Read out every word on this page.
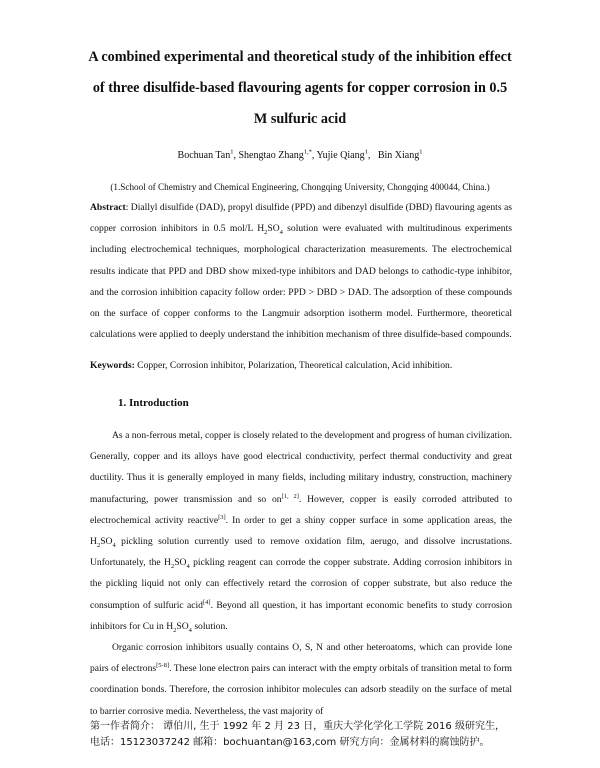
A combined experimental and theoretical study of the inhibition effect
of three disulfide-based flavouring agents for copper corrosion in 0.5
M sulfuric acid
Bochuan Tan$^1$, Shengtao Zhang$^{1,*}$, Yujie Qiang$^1$,   Bin Xiang$^1$
(1.School of Chemistry and Chemical Engineering, Chongqing University, Chongqing 400044, China.)
Abstract: Diallyl disulfide (DAD), propyl disulfide (PPD) and dibenzyl disulfide (DBD) flavouring agents as copper corrosion inhibitors in 0.5 mol/L $H_2SO_4$ solution were evaluated with multitudinous experiments including electrochemical techniques, morphological characterization measurements. The electrochemical results indicate that PPD and DBD show mixed-type inhibitors and DAD belongs to cathodic-type inhibitor, and the corrosion inhibition capacity follow order: PPD > DBD > DAD. The adsorption of these compounds on the surface of copper conforms to the Langmuir adsorption isotherm model. Furthermore, theoretical calculations were applied to deeply understand the inhibition mechanism of three disulfide-based compounds.
Keywords: Copper, Corrosion inhibitor, Polarization, Theoretical calculation, Acid inhibition.
1. Introduction

As a non-ferrous metal, copper is closely related to the development and progress of human civilization. Generally, copper and its alloys have good electrical conductivity, perfect thermal conductivity and great ductility. Thus it is generally employed in many fields, including military industry, construction, machinery manufacturing, power transmission and so on[1, 2]. However, copper is easily corroded attributed to electrochemical activity reactive[3]. In order to get a shiny copper surface in some application areas, the $H_2SO_4$ pickling solution currently used to remove oxidation film, aerugo, and dissolve incrustations. Unfortunately, the $H_2SO_4$ pickling reagent can corrode the copper substrate. Adding corrosion inhibitors in the pickling liquid not only can effectively retard the corrosion of copper substrate, but also reduce the consumption of sulfuric acid[4]. Beyond all question, it has important economic benefits to study corrosion inhibitors for Cu in $H_2SO_4$ solution.

Organic corrosion inhibitors usually contains O, S, N and other heteroatoms, which can provide lone pairs of electrons[5-8]. These lone electron pairs can interact with the empty orbitals of transition metal to form coordination bonds. Therefore, the corrosion inhibitor molecules can adsorb steadily on the surface of metal to barrier corrosive media. Nevertheless, the vast majority of

第一作者简介： 谭伯川, 生于 1992 年 2 月 23 日，重庆大学化学化工学院 2016 级研究生，
电话：15123037242 邮箱：bochuantan@163,com 研究方向：金属材料的腐蚀防护。
